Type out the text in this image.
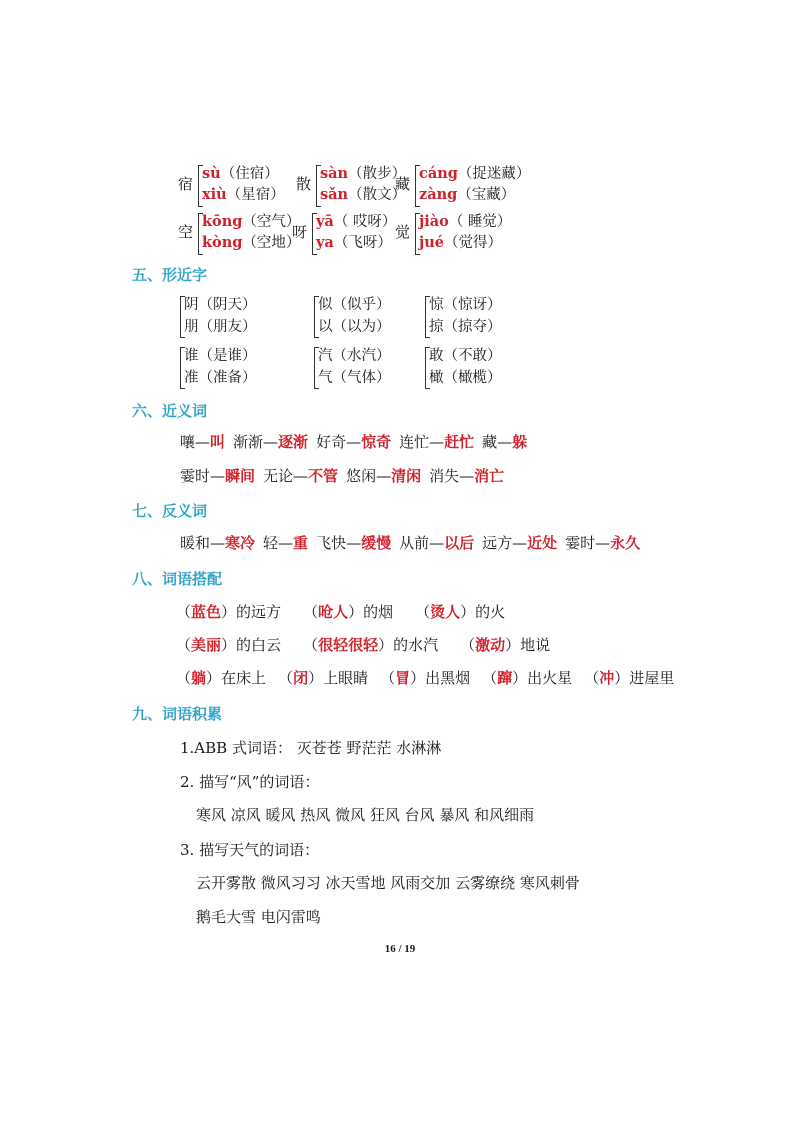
宿
sù（住宿）
xiù（星宿）
散
sàn（散步）
sǎn（散文）
藏
cáng（捉迷藏）
zàng（宝藏）
空
kōng（空气）
kòng（空地）
呀
yā（ 哎呀）
ya（飞呀）
觉
jiào（ 睡觉）
jué（觉得）
五、形近字
阴（阴天）
朋（朋友）
似（似乎）
以（以为）
惊（惊讶）
掠（掠夺）
谁（是谁）
准（准备）
汽（水汽）
气（气体）
敢（不敢）
橄（橄榄）
六、近义词
嚷—叫 渐渐—逐渐 好奇—惊奇 连忙—赶忙 藏—躲
霎时—瞬间 无论—不管 悠闲—清闲 消失—消亡
七、反义词
暖和—寒冷 轻—重 飞快—缓慢 从前—以后 远方—近处 霎时—永久
八、词语搭配
（蓝色）的远方 （呛人）的烟 （烫人）的火
（美丽）的白云 （很轻很轻）的水汽 （激动）地说
（躺）在床上 （闭）上眼睛 （冒）出黑烟 （蹿）出火星 （冲）进屋里
九、词语积累
1.ABB 式词语： 灭苍苍 野茫茫 水淋淋
2. 描写“风”的词语：
寒风 凉风 暖风 热风 微风 狂风 台风 暴风 和风细雨
3. 描写天气的词语：
云开雾散 微风习习 冰天雪地 风雨交加 云雾缭绕 寒风刺骨
鹅毛大雪 电闪雷鸣
16 / 19
